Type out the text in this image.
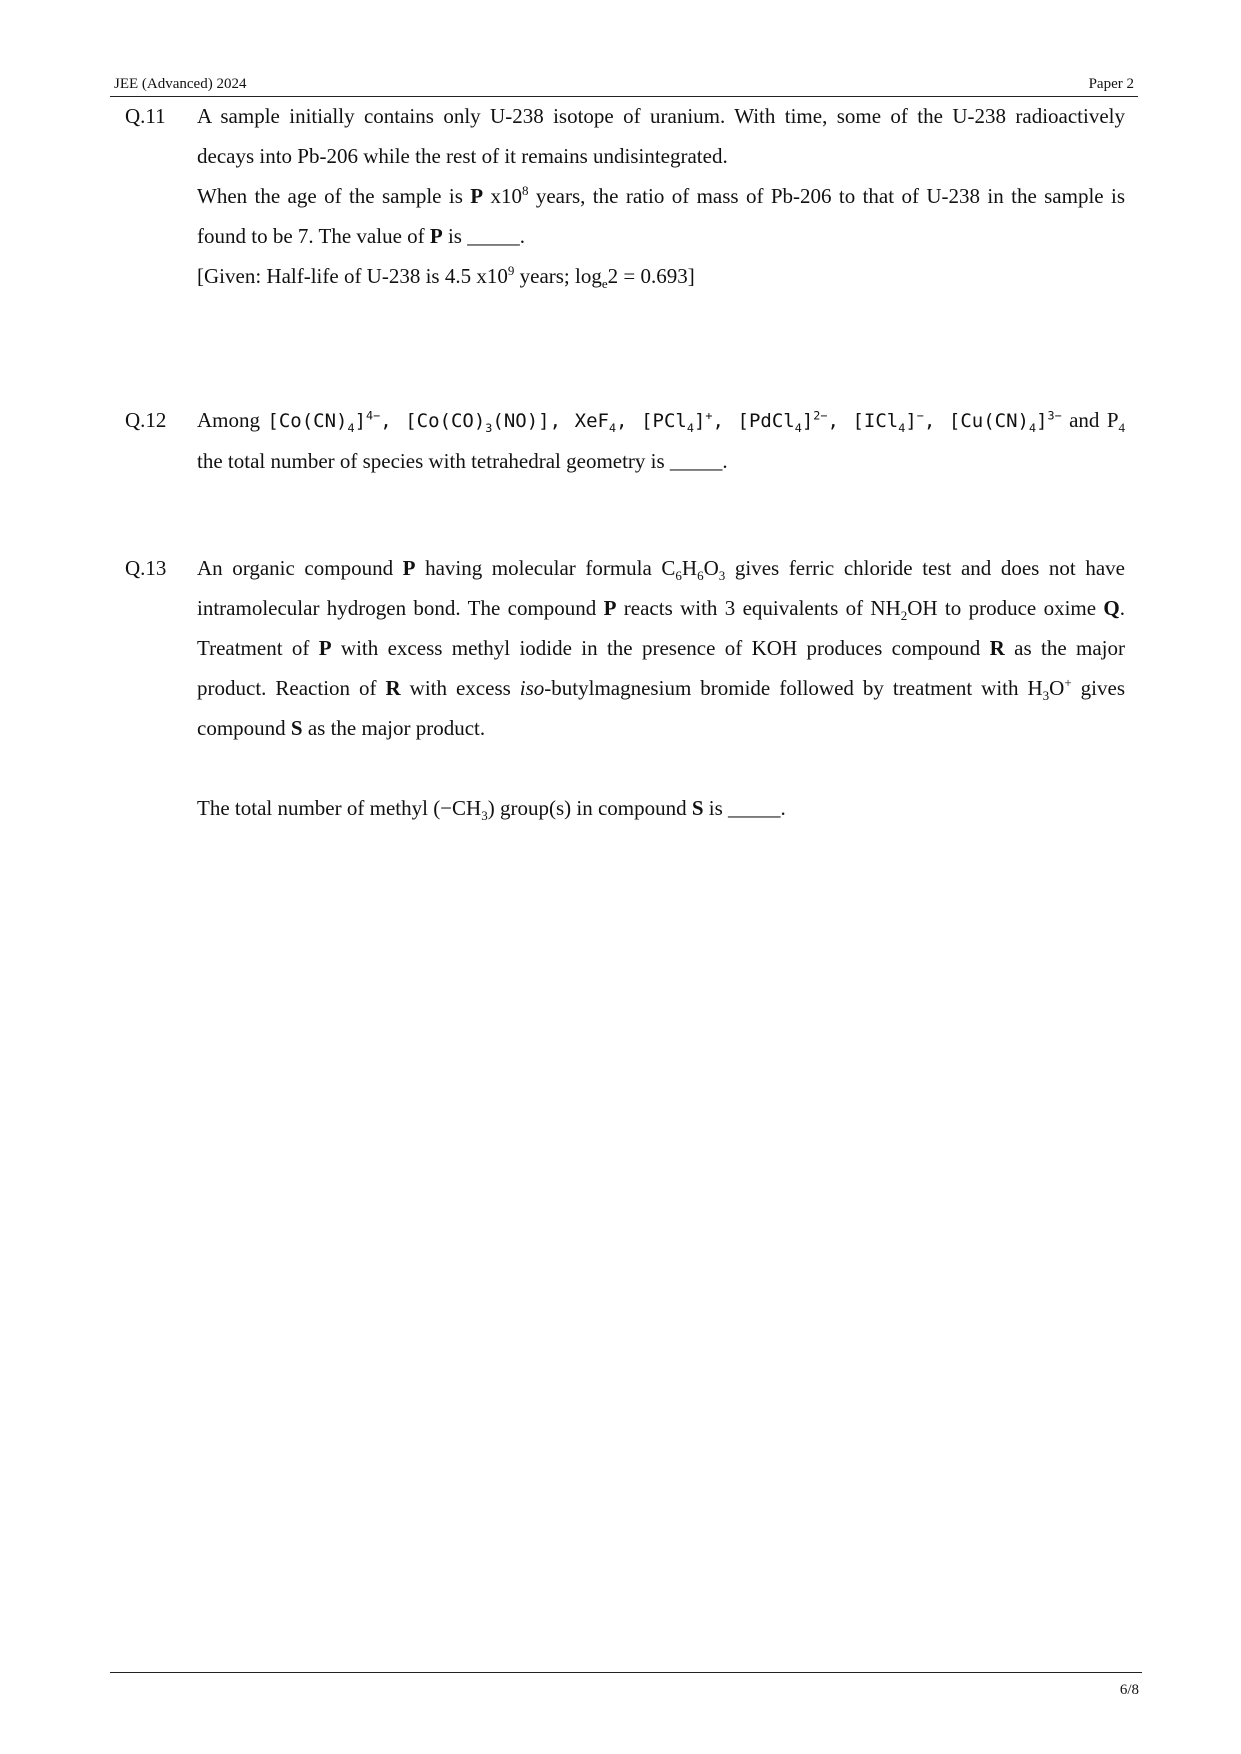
JEE (Advanced) 2024	Paper 2
Q.11 A sample initially contains only U-238 isotope of uranium. With time, some of the U-238 radioactively decays into Pb-206 while the rest of it remains undisintegrated.

When the age of the sample is P $x10^8$ years, the ratio of mass of Pb-206 to that of U-238 in the sample is found to be 7. The value of P is _____.

[Given: Half-life of U-238 is 4.5 $x10^9$ years; $\log_e2 = 0.693$]

Q.12 Among $[Co(CN)_4]^{4-}$, $[Co(CO)_3(NO)]$, XeF$_4$, [PCl$_4$]+, [PdCl$_4$]$^{2-}$, [ICl$_4$]−, $[Cu(CN)_4]^{3-}$ and $P_4$ the total number of species with tetrahedral geometry is _____.

Q.13 An organic compound P having molecular formula $C_6H_6O_3$ gives ferric chloride test and does not have intramolecular hydrogen bond. The compound P reacts with 3 equivalents of $NH_2OH$ to produce oxime Q. Treatment of P with excess methyl iodide in the presence of KOH produces compound R as the major product. Reaction of R with excess iso-butylmagnesium bromide followed by treatment with $H_3O^+$ gives compound S as the major product.

The total number of methyl $(-CH_3)$ group(s) in compound S is _____.

6/8
